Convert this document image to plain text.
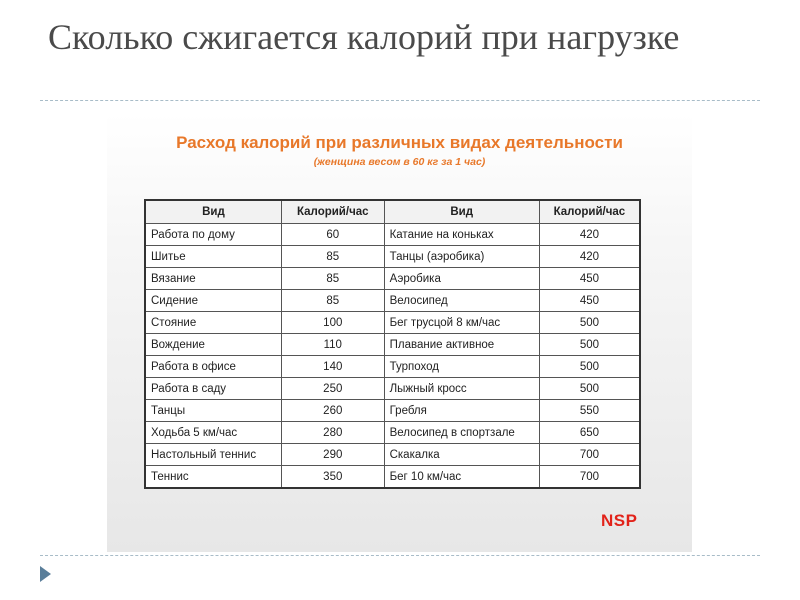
Сколько сжигается калорий при нагрузке

Расход калорий при различных видах деятельности

(женщина весом в 60 кг за 1 час)

Вид	Калорий/час	Вид	Калорий/час
Работа по дому	60	Катание на коньках	420
Шитье	85	Танцы (аэробика)	420
Вязание	85	Аэробика	450
Сидение	85	Велосипед	450
Стояние	100	Бег трусцой 8 км/час	500
Вождение	110	Плавание активное	500
Работа в офисе	140	Турпоход	500
Работа в саду	250	Лыжный кросс	500
Танцы	260	Гребля	550
Ходьба 5 км/час	280	Велосипед в спортзале	650
Настольный теннис	290	Скакалка	700
Теннис	350	Бег 10 км/час	700
NSP
